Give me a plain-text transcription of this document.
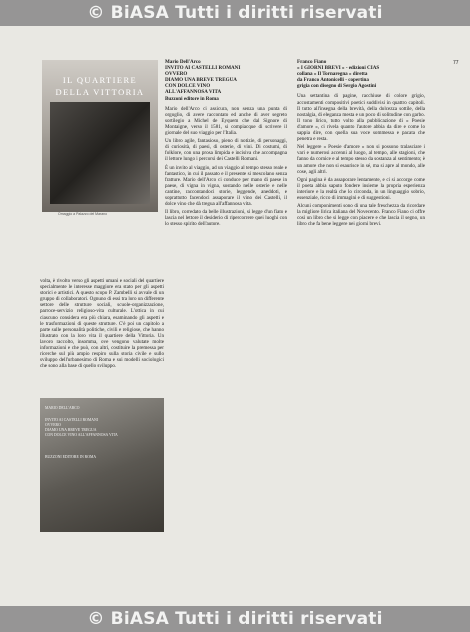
© BiASA Tutti i diritti riservati
77
IL QUARTIERE
DELLA VITTORIA
Omaggio a Palazzo del Marano

volta, è rivolto verso gli aspetti umani e sociali del quartiere specialmente le interesse maggiore era stato per gli aspetti storici e artistici. A questo scopo P. Zambelli si avvale di un gruppo di collaboratori. Ognuno di essi tra loro un differente settore delle strutture sociali, scuole-organizzazione, parroce-servizio religioso-vita culturale. L'ottica in cui ciascuno considera era più chiara, esaminando gli aspetti e le trasformazioni di queste strutture. C'è poi un capitolo a parte sulle personalità politiche, civili e religiose, che hanno illustrato con la loro vita il quartiere della Vittoria. Un lavoro raccolto, insomma, ove vengono valutate molte informazioni e che può, con altri, costituire la premessa per ricerche sul più ampio respiro sulla storia civile e sullo sviluppo dell'urbanesimo di Roma e sui modelli sociologici che sono alla base di quello sviluppo.

MARIO DELL'ARCO
INVITO AI CASTELLI ROMANI
OVVERO
DIAMO UNA BREVE TREGUA
CON DOLCE VINO ALL'AFFANNOSA VITA
BUZZONI EDITORE IN ROMA
Mario Dell'Arco
INVITO AI CASTELLI ROMANI
OVVERO
DIAMO UNA BREVE TREGUA
CON DOLCE VINO
ALL'AFFANNOSA VITA
Buzzoni editore in Roma

Mario dell'Arco ci assicura, non senza una punta di orgoglio, di avere raccontato ed anche di aver segreto sortilegio a Michel de Eyquem che dal Signore di Montaigne, verso il 1581, si compiacque di scrivere il giornale del suo viaggio per l'Italia.

Un libro agile, fantasioso, pieno di notizie, di personaggi, di curiosità, di paesi, di osterie, di vini. Di costumi, di folklore, con una prosa limpida e incisiva che accompagna il lettore lungo i percorsi dei Castelli Romani.

È un invito al viaggio, ad un viaggio al tempo stesso reale e fantastico, in cui il passato e il presente si mescolano senza fratture. Mario dell'Arco ci conduce per mano di paese in paese, di vigna in vigna, sostando nelle osterie e nelle cantine, raccontandoci storie, leggende, aneddoti, e soprattutto facendoci assaporare il vino dei Castelli, il dolce vino che dà tregua all'affannosa vita.

Il libro, corredato da belle illustrazioni, si legge d'un fiato e lascia nel lettore il desiderio di ripercorrere quei luoghi con lo stesso spirito dell'autore.

Franco Fiano
« I GIORNI BREVI » - edizioni CIAS
collana « Il Tornaregna » diretta
da Franco Antonicelli - copertina
grigia con disegno di Sergio Agostini

Una settantina di pagine, racchiuse di colore grigio, accostamenti compositivi poetici suddivisi in quattro capitoli. Il tutto all'insegna della brevità, della dolcezza sottile, della nostalgia, di eleganza mesta e un poco di solitudine con garbo. Il tono lirico, tutto volto alla pubblicazione di « Poesie d'amore », ci rivela quanto l'autore abbia da dire e come lo sappia dire, con quella sua voce sommessa e pacata che penetra e resta.

Nel leggere « Poesie d'amore » non si possono tralasciare i vari e numerosi accenni al luogo, al tempo, alle stagioni, che fanno da cornice e al tempo stesso da sostanza al sentimento; è un amore che non si esaurisce in sé, ma si apre al mondo, alle cose, agli altri.

Ogni pagina è da assaporare lentamente, e ci si accorge come il poeta abbia saputo fondere insieme la propria esperienza interiore e la realtà che lo circonda, in un linguaggio sobrio, essenziale, ricco di immagini e di suggestioni.

Alcuni componimenti sono di una tale freschezza da ricordare la migliore lirica italiana del Novecento. Franco Fiano ci offre così un libro che si legge con piacere e che lascia il segno, un libro che fa bene leggere nei giorni brevi.

© BiASA Tutti i diritti riservati
